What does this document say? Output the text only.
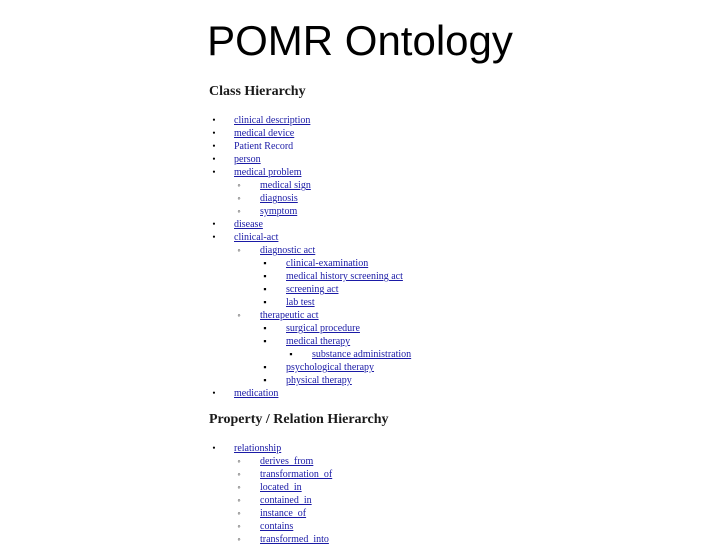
POMR Ontology
Class Hierarchy
•	clinical description
•	medical device
•	Patient Record
•	person
•	medical problem
◦	medical sign
◦	diagnosis
◦	symptom
•	disease
•	clinical-act
◦	diagnostic act
▪	clinical-examination
▪	medical history screening act
▪	screening act
▪	lab test
◦	therapeutic act
▪	surgical procedure
▪	medical therapy
▪	substance administration
▪	psychological therapy
▪	physical therapy
•	medication
Property / Relation Hierarchy
•	relationship
◦	derives_from
◦	transformation_of
◦	located_in
◦	contained_in
◦	instance_of
◦	contains
◦	transformed_into
